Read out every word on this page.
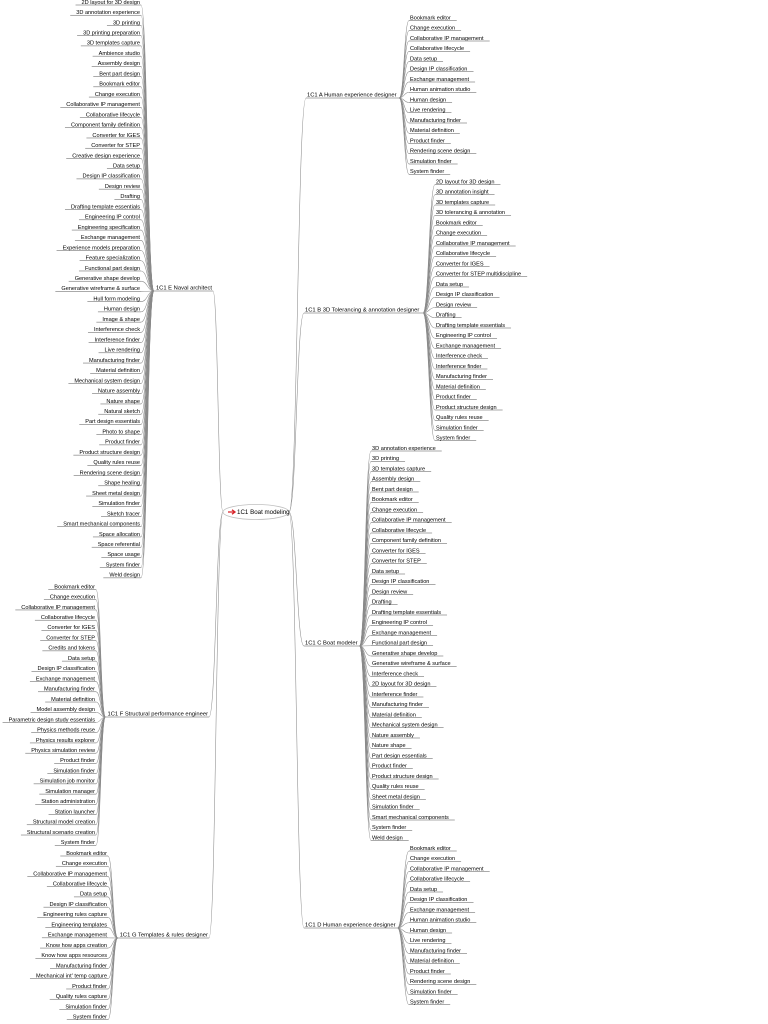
1C1 A Human experience designer
1C1 B 3D Tolerancing & annotation designer
1C1 C Boat modeler
1C1 D Human experience designer
1C1 E Naval architect
1C1 F Structural performance engineer
1C1 G Templates & rules designer
Bookmark editor
Change execution
Collaborative IP management
Collaborative lifecycle
Data setup
Design IP classification
Exchange management
Human animation studio
Human design
Live rendering
Manufacturing finder
Material definition
Product finder
Rendering scene design
Simulation finder
System finder
2D layout for 3D design
3D annotation insight
3D templates capture
3D tolerancing & annotation
Bookmark editor
Change execution
Collaborative IP management
Collaborative lifecycle
Converter for IGES
Converter for STEP multidiscipline
Data setup
Design IP classification
Design review
Drafting
Drafting template essentials
Engineering IP control
Exchange management
Interference check
Interference finder
Manufacturing finder
Material definition
Product finder
Product structure design
Quality rules reuse
Simulation finder
System finder
3D annotation experience
3D printing
3D templates capture
Assembly design
Bent part design
Bookmark editor
Change execution
Collaborative IP management
Collaborative lifecycle
Component family definition
Converter for IGES
Converter for STEP
Data setup
Design IP classification
Design review
Drafting
Drafting template essentials
Engineering IP control
Exchange management
Functional part design
Generative shape develop
Generative wireframe & surface
Interference check
2D layout for 3D design
Interference finder
Manufacturing finder
Material definition
Mechanical system design
Nature assembly
Nature shape
Part design essentials
Product finder
Product structure design
Quality rules reuse
Sheet metal design
Simulation finder
Smart mechanical components
System finder
Weld design
Bookmark editor
Change execution
Collaborative IP management
Collaborative lifecycle
Data setup
Design IP classification
Exchange management
Human animation studio
Human design
Live rendering
Manufacturing finder
Material definition
Product finder
Rendering scene design
Simulation finder
System finder
2D layout for 3D design
3D annotation experience
3D printing
3D printing preparation
3D templates capture
Ambience studio
Assembly design
Bent part design
Bookmark editor
Change execution
Collaborative IP management
Collaborative lifecycle
Component family definition
Converter for IGES
Converter for STEP
Creative design experience
Data setup
Design IP classification
Design review
Drafting
Drafting template essentials
Engineering IP control
Engineering specification
Exchange management
Experience models preparation
Feature specialization
Functional part design
Generative shape develop
Generative wireframe & surface
Hull form modeling
Human design
Image & shape
Interference check
Interference finder
Live rendering
Manufacturing finder
Material definition
Mechanical system design
Nature assembly
Nature shape
Natural sketch
Part design essentials
Photo to shape
Product finder
Product structure design
Quality rules reuse
Rendering scene design
Shape healing
Sheet metal design
Simulation finder
Sketch tracer
Smart mechanical components
Space allocation
Space referential
Space usage
System finder
Weld design
Bookmark editor
Change execution
Collaborative IP management
Collaborative lifecycle
Converter for IGES
Converter for STEP
Credits and tokens
Data setup
Design IP classification
Exchange management
Manufacturing finder
Material definition
Model assembly design
Parametric design study essentials
Physics methods reuse
Physics results explorer
Physics simulation review
Product finder
Simulation finder
Simulation job monitor
Simulation manager
Station administration
Station launcher
Structural model creation
Structural scenario creation
System finder
Bookmark editor
Change execution
Collaborative IP management
Collaborative lifecycle
Data setup
Design IP classification
Engineering rules capture
Engineering templates
Exchange management
Know how apps creation
Know how apps resources
Manufacturing finder
Mechanical int' temp capture
Product finder
Quality rules capture
Simulation finder
System finder
1C1 Boat modeling
